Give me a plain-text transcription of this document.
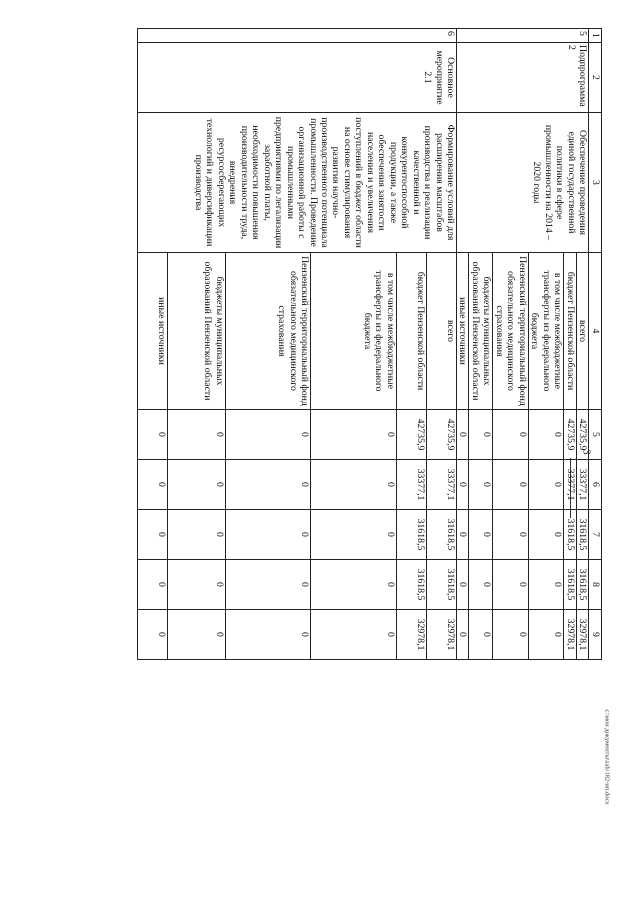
3
c:\мои документы\zab\182-ип.docx
1	2	3	4	5	6	7	8	9
5	Подпрограмма 2	Обеспечение проведения единой государственной политики в сфере промышленности на 2014 – 2020 годы	всего	42735,9	33377,1	31618,5	31618,5	32978,1
			бюджет Пензенской области	42735,9	33377,1	31618,5	31618,5	32978,1
			в том числе межбюджетные трансферты из федерального бюджета	0	0	0	0	0
			Пензенский территориальный фонд обязательного медицинского страхования	0	0	0	0	0
			бюджеты муниципальных образований Пензенской области	0	0	0	0	0
			иные источники	0	0	0	0	0
6	Основное мероприятие 2.1	Формирование условий для расширения масштабов производства и реализации качественной и конкурентоспособной продукции, а также обеспечения занятости населения и увеличения поступлений в бюджет области на основе стимулирования развития научно-производственного потенциала промышленности. Проведение организационной работы с промышленными предприятиями по легализации заработной платы, необходимости повышения производительности труда, внедрения ресурсосберегающих технологий и диверсификации производства	всего	42735,9	33377,1	31618,5	31618,5	32978,1
			бюджет Пензенской области	42735,9	33377,1	31618,5	31618,5	32978,1
			в том числе межбюджетные трансферты из федерального бюджета	0	0	0	0	0
			Пензенский территориальный фонд обязательного медицинского страхования	0	0	0	0	0
			бюджеты муниципальных образований Пензенской области	0	0	0	0	0
			иные источники	0	0	0	0	0
